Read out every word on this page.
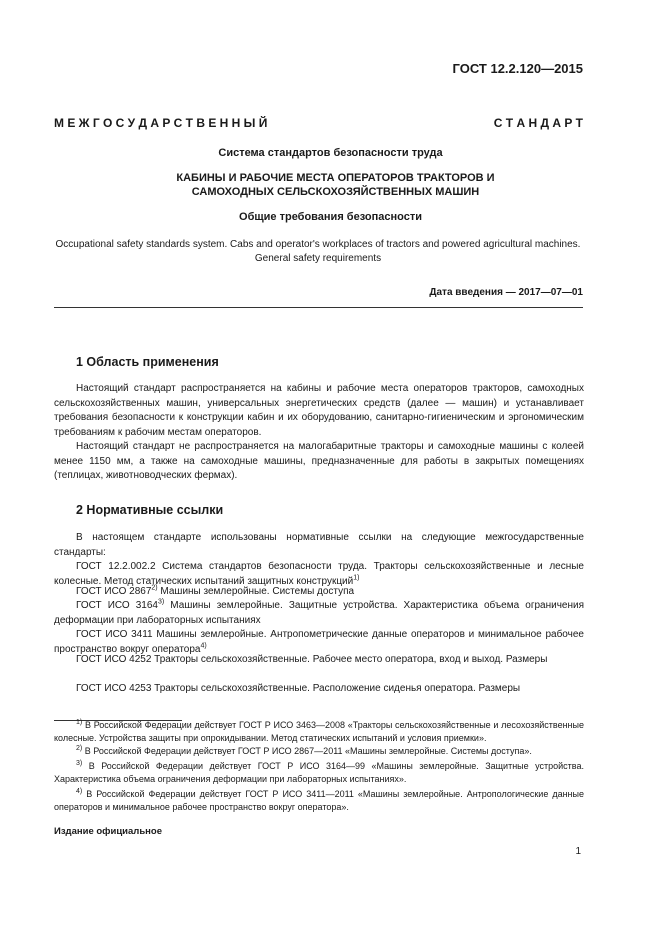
ГОСТ 12.2.120—2015
М Е Ж Г О С У Д А Р С Т В Е Н Н Ы Й	С Т А Н Д А Р Т
Система стандартов безопасности труда
КАБИНЫ И РАБОЧИЕ МЕСТА ОПЕРАТОРОВ ТРАКТОРОВ И САМОХОДНЫХ СЕЛЬСКОХОЗЯЙСТВЕННЫХ МАШИН
Общие требования безопасности
Occupational safety standards system. Cabs and operator's workplaces of tractors and powered agricultural machines. General safety requirements
Дата введения — 2017—07—01
1 Область применения
Настоящий стандарт распространяется на кабины и рабочие места операторов тракторов, самоходных сельскохозяйственных машин, универсальных энергетических средств (далее — машин) и устанавливает требования безопасности к конструкции кабин и их оборудованию, санитарно-гигиеническим и эргономическим требованиям к рабочим местам операторов.
Настоящий стандарт не распространяется на малогабаритные тракторы и самоходные машины с колеей менее 1150 мм, а также на самоходные машины, предназначенные для работы в закрытых помещениях (теплицах, животноводческих фермах).
2 Нормативные ссылки
В настоящем стандарте использованы нормативные ссылки на следующие межгосударственные стандарты:
ГОСТ 12.2.002.2 Система стандартов безопасности труда. Тракторы сельскохозяйственные и лесные колесные. Метод статических испытаний защитных конструкций$^{1)}$
ГОСТ ИСО 2867$^{2)}$ Машины землеройные. Системы доступа
ГОСТ ИСО 3164$^{3)}$ Машины землеройные. Защитные устройства. Характеристика объема ограничения деформации при лабораторных испытаниях
ГОСТ ИСО 3411 Машины землеройные. Антропометрические данные операторов и минимальное рабочее пространство вокруг оператора$^{4)}$
ГОСТ ИСО 4252 Тракторы сельскохозяйственные. Рабочее место оператора, вход и выход. Размеры
ГОСТ ИСО 4253 Тракторы сельскохозяйственные. Расположение сиденья оператора. Размеры
$^{1)}$ В Российской Федерации действует ГОСТ Р ИСО 3463—2008 «Тракторы сельскохозяйственные и лесохозяйственные колесные. Устройства защиты при опрокидывании. Метод статических испытаний и условия приемки».
$^{2)}$ В Российской Федерации действует ГОСТ Р ИСО 2867—2011 «Машины землеройные. Системы доступа».
$^{3)}$ В Российской Федерации действует ГОСТ Р ИСО 3164—99 «Машины землеройные. Защитные устройства. Характеристика объема ограничения деформации при лабораторных испытаниях».
$^{4)}$ В Российской Федерации действует ГОСТ Р ИСО 3411—2011 «Машины землеройные. Антропологические данные операторов и минимальное рабочее пространство вокруг оператора».
Издание официальное
1
